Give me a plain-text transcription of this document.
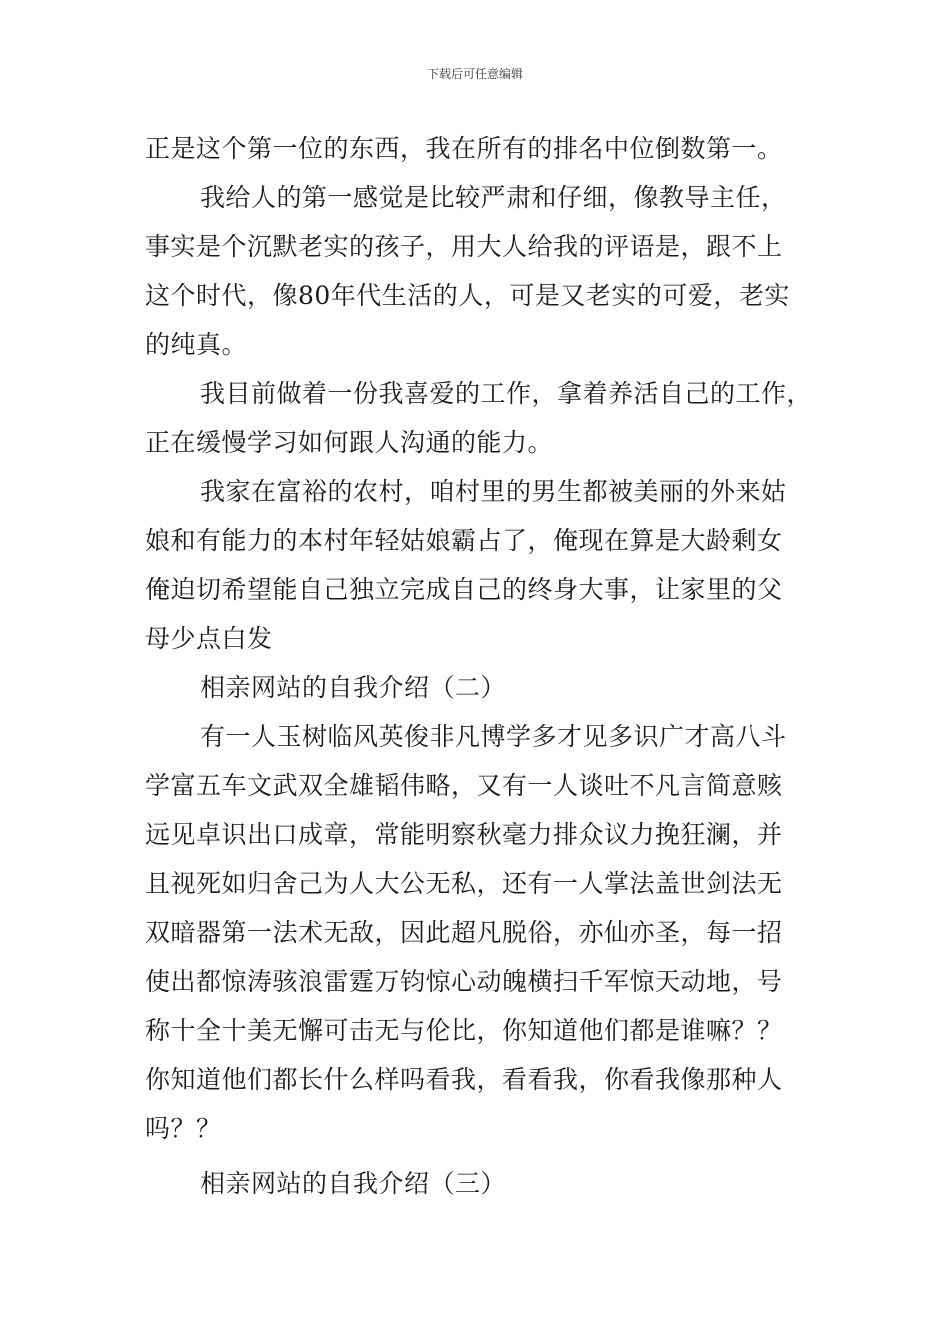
下载后可任意编辑
正是这个第一位的东西，我在所有的排名中位倒数第一。
我给人的第一感觉是比较严肃和仔细，像教导主任，
事实是个沉默老实的孩子，用大人给我的评语是，跟不上
这个时代，像80年代生活的人，可是又老实的可爱，老实
的纯真。
我目前做着一份我喜爱的工作，拿着养活自己的工作，
正在缓慢学习如何跟人沟通的能力。
我家在富裕的农村，咱村里的男生都被美丽的外来姑
娘和有能力的本村年轻姑娘霸占了，俺现在算是大龄剩女
俺迫切希望能自己独立完成自己的终身大事，让家里的父
母少点白发
相亲网站的自我介绍（二）
有一人玉树临风英俊非凡博学多才见多识广才高八斗
学富五车文武双全雄韬伟略，又有一人谈吐不凡言简意赅
远见卓识出口成章，常能明察秋毫力排众议力挽狂澜，并
且视死如归舍己为人大公无私，还有一人掌法盖世剑法无
双暗器第一法术无敌，因此超凡脱俗，亦仙亦圣，每一招
使出都惊涛骇浪雷霆万钧惊心动魄横扫千军惊天动地，号
称十全十美无懈可击无与伦比，你知道他们都是谁嘛？？
你知道他们都长什么样吗看我，看看我，你看我像那种人
吗？？
相亲网站的自我介绍（三）
